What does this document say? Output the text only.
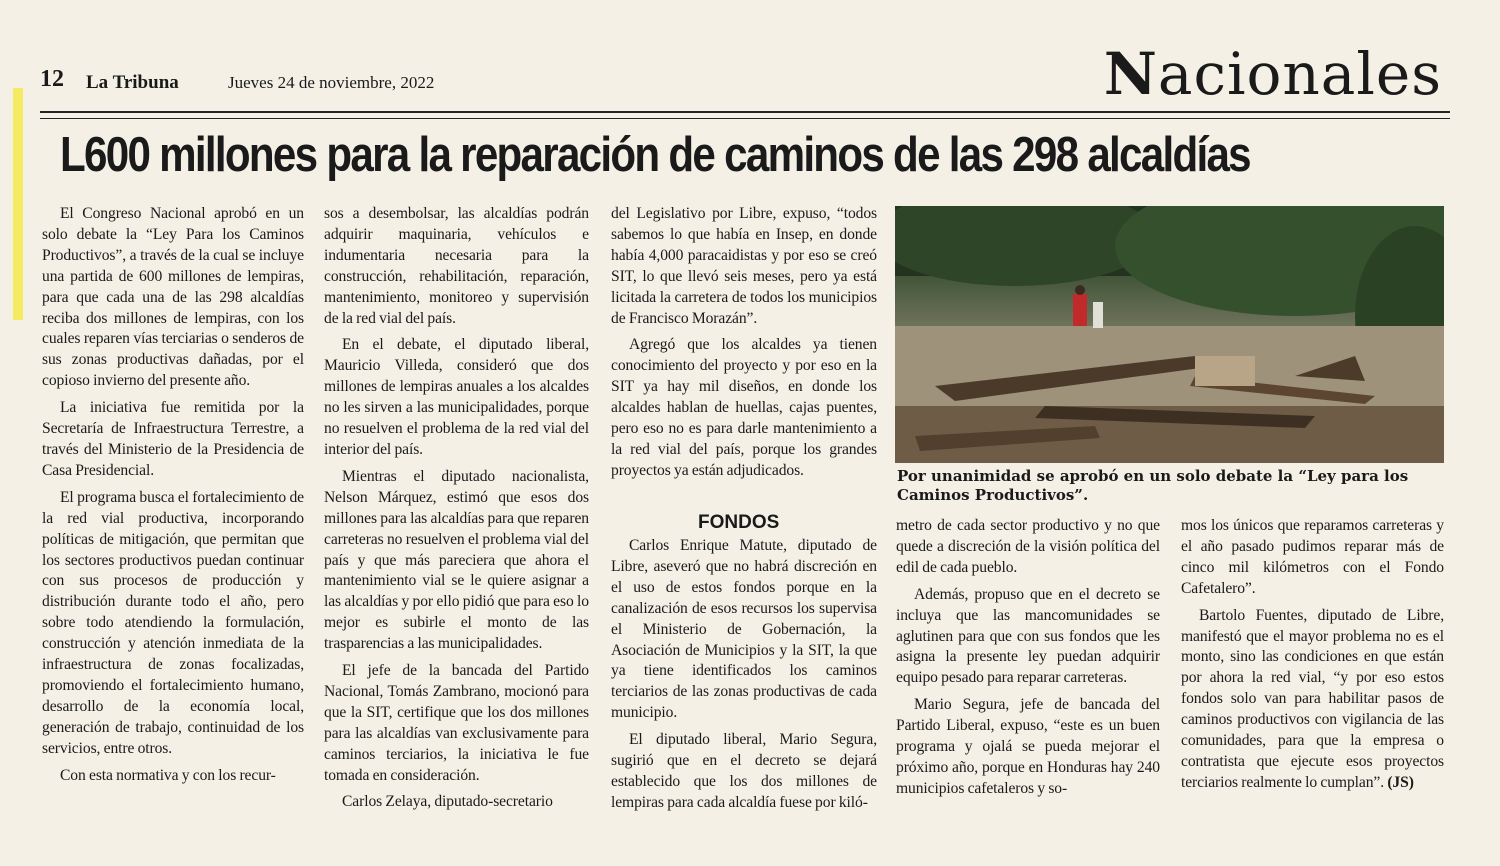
12 La Tribuna	Jueves 24 de noviembre, 2022	Nacionales
L600 millones para la reparación de caminos de las 298 alcaldías

El Congreso Nacional aprobó en un solo debate la “Ley Para los Caminos Productivos”, a través de la cual se incluye una partida de 600 millones de lempiras, para que cada una de las 298 alcaldías reciba dos millones de lempiras, con los cuales reparen vías terciarias o senderos de sus zonas productivas dañadas, por el copioso invierno del presente año.

La iniciativa fue remitida por la Secretaría de Infraestructura Terrestre, a través del Ministerio de la Presidencia de Casa Presidencial.

El programa busca el fortalecimiento de la red vial productiva, incorporando políticas de mitigación, que permitan que los sectores productivos puedan continuar con sus procesos de producción y distribución durante todo el año, pero sobre todo atendiendo la formulación, construcción y atención inmediata de la infraestructura de zonas focalizadas, promoviendo el fortalecimiento humano, desarrollo de la economía local, generación de trabajo, continuidad de los servicios, entre otros.

Con esta normativa y con los recur-

sos a desembolsar, las alcaldías podrán adquirir maquinaria, vehículos e indumentaria necesaria para la construcción, rehabilitación, reparación, mantenimiento, monitoreo y supervisión de la red vial del país.

En el debate, el diputado liberal, Mauricio Villeda, consideró que dos millones de lempiras anuales a los alcaldes no les sirven a las municipalidades, porque no resuelven el problema de la red vial del interior del país.

Mientras el diputado nacionalista, Nelson Márquez, estimó que esos dos millones para las alcaldías para que reparen carreteras no resuelven el problema vial del país y que más pareciera que ahora el mantenimiento vial se le quiere asignar a las alcaldías y por ello pidió que para eso lo mejor es subirle el monto de las trasparencias a las municipalidades.

El jefe de la bancada del Partido Nacional, Tomás Zambrano, mocionó para que la SIT, certifique que los dos millones para las alcaldías van exclusivamente para caminos terciarios, la iniciativa le fue tomada en consideración.

Carlos Zelaya, diputado-secretario

del Legislativo por Libre, expuso, “todos sabemos lo que había en Insep, en donde había 4,000 paracaidistas y por eso se creó SIT, lo que llevó seis meses, pero ya está licitada la carretera de todos los municipios de Francisco Morazán”.

Agregó que los alcaldes ya tienen conocimiento del proyecto y por eso en la SIT ya hay mil diseños, en donde los alcaldes hablan de huellas, cajas puentes, pero eso no es para darle mantenimiento a la red vial del país, porque los grandes proyectos ya están adjudicados.

FONDOS

Carlos Enrique Matute, diputado de Libre, aseveró que no habrá discreción en el uso de estos fondos porque en la canalización de esos recursos los supervisa el Ministerio de Gobernación, la Asociación de Municipios y la SIT, la que ya tiene identificados los caminos terciarios de las zonas productivas de cada municipio.

El diputado liberal, Mario Segura, sugirió que en el decreto se dejará establecido que los dos millones de lempiras para cada alcaldía fuese por kiló-

Por unanimidad se aprobó en un solo debate la “Ley para los Caminos Productivos”.

metro de cada sector productivo y no que quede a discreción de la visión política del edil de cada pueblo.

Además, propuso que en el decreto se incluya que las mancomunidades se aglutinen para que con sus fondos que les asigna la presente ley puedan adquirir equipo pesado para reparar carreteras.

Mario Segura, jefe de bancada del Partido Liberal, expuso, “este es un buen programa y ojalá se pueda mejorar el próximo año, porque en Honduras hay 240 municipios cafetaleros y so-

mos los únicos que reparamos carreteras y el año pasado pudimos reparar más de cinco mil kilómetros con el Fondo Cafetalero”.

Bartolo Fuentes, diputado de Libre, manifestó que el mayor problema no es el monto, sino las condiciones en que están por ahora la red vial, “y por eso estos fondos solo van para habilitar pasos de caminos productivos con vigilancia de las comunidades, para que la empresa o contratista que ejecute esos proyectos terciarios realmente lo cumplan”. (JS)
